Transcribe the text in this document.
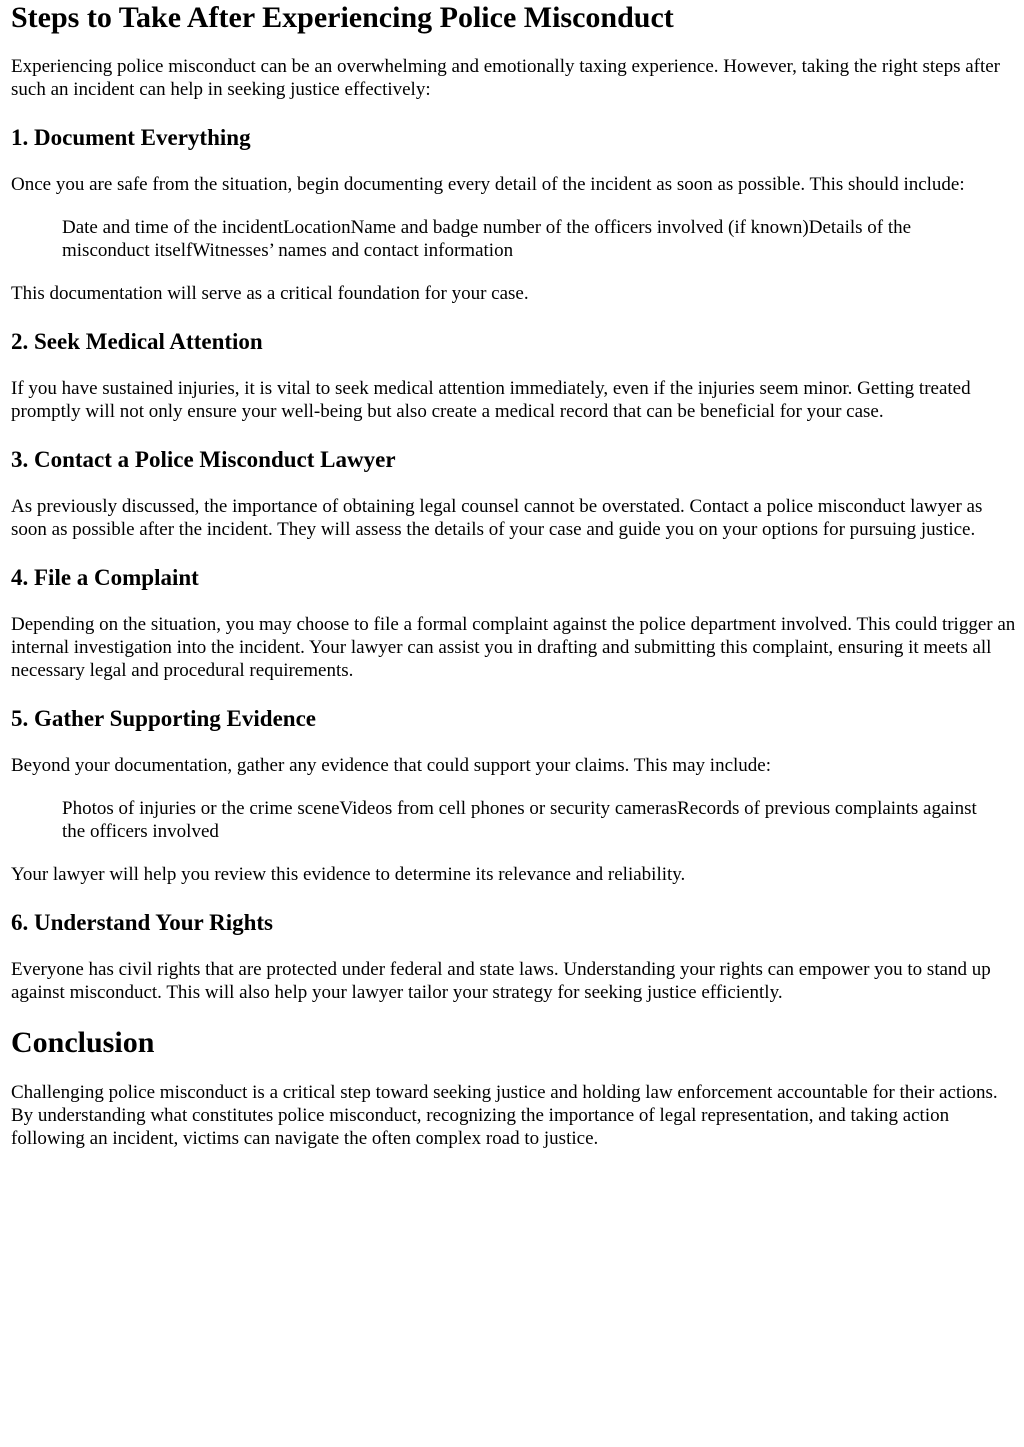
Steps to Take After Experiencing Police Misconduct

Experiencing police misconduct can be an overwhelming and emotionally taxing experience. However, taking the right steps after such an incident can help in seeking justice effectively:

1. Document Everything

Once you are safe from the situation, begin documenting every detail of the incident as soon as possible. This should include:

Date and time of the incidentLocationName and badge number of the officers involved (if known)Details of the misconduct itselfWitnesses’ names and contact information

This documentation will serve as a critical foundation for your case.

2. Seek Medical Attention

If you have sustained injuries, it is vital to seek medical attention immediately, even if the injuries seem minor. Getting treated promptly will not only ensure your well-being but also create a medical record that can be beneficial for your case.

3. Contact a Police Misconduct Lawyer

As previously discussed, the importance of obtaining legal counsel cannot be overstated. Contact a police misconduct lawyer as soon as possible after the incident. They will assess the details of your case and guide you on your options for pursuing justice.

4. File a Complaint

Depending on the situation, you may choose to file a formal complaint against the police department involved. This could trigger an internal investigation into the incident. Your lawyer can assist you in drafting and submitting this complaint, ensuring it meets all necessary legal and procedural requirements.

5. Gather Supporting Evidence

Beyond your documentation, gather any evidence that could support your claims. This may include:

Photos of injuries or the crime sceneVideos from cell phones or security camerasRecords of previous complaints against the officers involved

Your lawyer will help you review this evidence to determine its relevance and reliability.

6. Understand Your Rights

Everyone has civil rights that are protected under federal and state laws. Understanding your rights can empower you to stand up against misconduct. This will also help your lawyer tailor your strategy for seeking justice efficiently.

Conclusion

Challenging police misconduct is a critical step toward seeking justice and holding law enforcement accountable for their actions. By understanding what constitutes police misconduct, recognizing the importance of legal representation, and taking action following an incident, victims can navigate the often complex road to justice.
